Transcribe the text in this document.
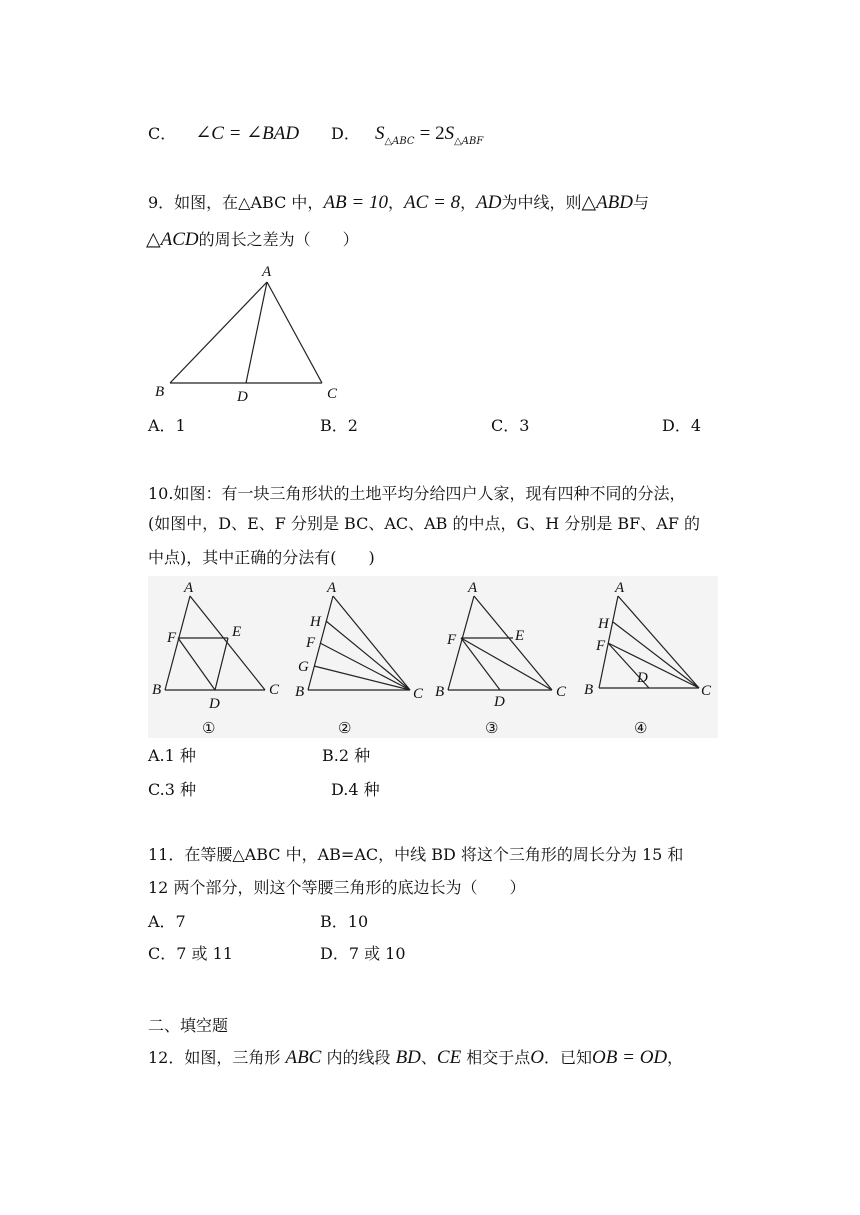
C． ∠C = ∠BAD D． $S_{\triangle ABC} = 2S_{\triangle ABF}$
9．如图，在△ABC 中，AB = 10，AC = 8，AD为中线，则△ABD与
△ACD的周长之差为（　　）
A
B	C
D
A．1	B．2	C．3	D．4
10.如图：有一块三角形状的土地平均分给四户人家，现有四种不同的分法，
(如图中，D、E、F 分别是 BC、AC、AB 的中点，G、H 分别是 BF、AF 的
中点)，其中正确的分法有(　　)
A
B	C
D
E
F
①
A
B	C
H
F
G
②
A
B	C
D
E
F
③
A
B	C
D
H
F
④
A.1 种	B.2 种
C.3 种	D.4 种
11．在等腰△ABC 中，AB=AC，中线 BD 将这个三角形的周长分为 15 和
12 两个部分，则这个等腰三角形的底边长为（　　）
A．7	B．10
C．7 或 11	D．7 或 10
二、填空题
12．如图，三角形 ABC 内的线段 BD、CE 相交于点O．已知OB = OD，
